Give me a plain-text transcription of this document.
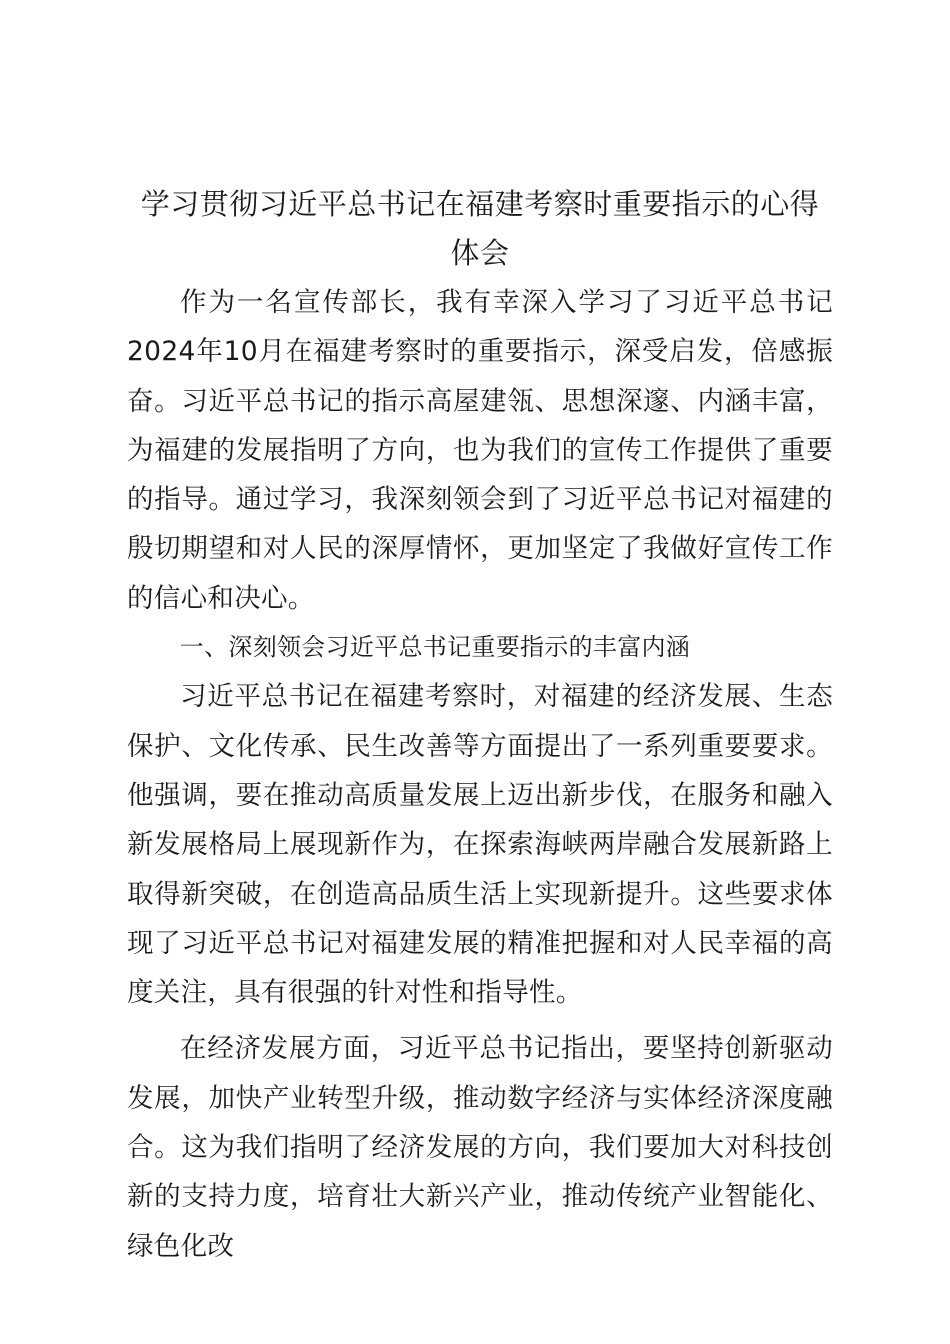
学习贯彻习近平总书记在福建考察时重要指示的心得体会

作为一名宣传部长，我有幸深入学习了习近平总书记2024年10月在福建考察时的重要指示，深受启发，倍感振奋。习近平总书记的指示高屋建瓴、思想深邃、内涵丰富，为福建的发展指明了方向，也为我们的宣传工作提供了重要的指导。通过学习，我深刻领会到了习近平总书记对福建的殷切期望和对人民的深厚情怀，更加坚定了我做好宣传工作的信心和决心。

一、深刻领会习近平总书记重要指示的丰富内涵

习近平总书记在福建考察时，对福建的经济发展、生态保护、文化传承、民生改善等方面提出了一系列重要要求。他强调，要在推动高质量发展上迈出新步伐，在服务和融入新发展格局上展现新作为，在探索海峡两岸融合发展新路上取得新突破，在创造高品质生活上实现新提升。这些要求体现了习近平总书记对福建发展的精准把握和对人民幸福的高度关注，具有很强的针对性和指导性。

在经济发展方面，习近平总书记指出，要坚持创新驱动发展，加快产业转型升级，推动数字经济与实体经济深度融合。这为我们指明了经济发展的方向，我们要加大对科技创新的支持力度，培育壮大新兴产业，推动传统产业智能化、绿色化改
